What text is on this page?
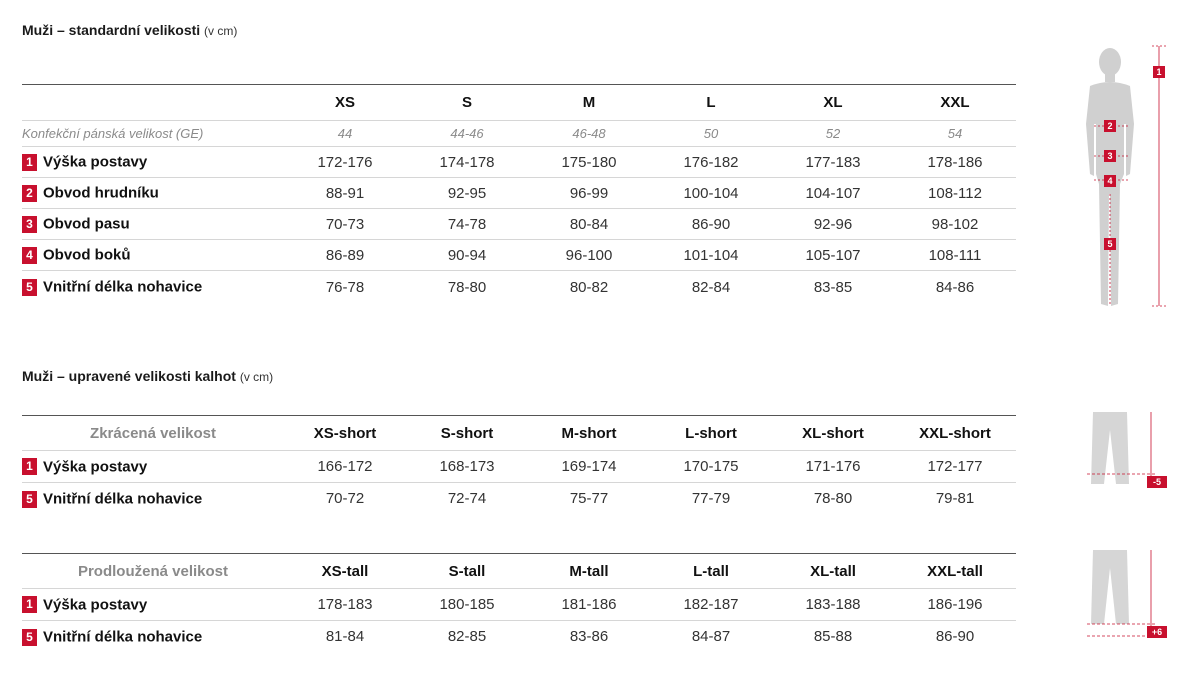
Muži – standardní velikosti (v cm)
	XS	S	M	L	XL	XXL
Konfekční pánská velikost (GE)	44	44-46	46-48	50	52	54
1 Výška postavy	172-176	174-178	175-180	176-182	177-183	178-186
2 Obvod hrudníku	88-91	92-95	96-99	100-104	104-107	108-112
3 Obvod pasu	70-73	74-78	80-84	86-90	92-96	98-102
4 Obvod boků	86-89	90-94	96-100	101-104	105-107	108-111
5 Vnitřní délka nohavice	76-78	78-80	80-82	82-84	83-85	84-86
Muži – upravené velikosti kalhot (v cm)
Zkrácená velikost	XS-short	S-short	M-short	L-short	XL-short	XXL-short
1 Výška postavy	166-172	168-173	169-174	170-175	171-176	172-177
5 Vnitřní délka nohavice	70-72	72-74	75-77	77-79	78-80	79-81
Prodloužená velikost	XS-tall	S-tall	M-tall	L-tall	XL-tall	XXL-tall
1 Výška postavy	178-183	180-185	181-186	182-187	183-188	186-196
5 Vnitřní délka nohavice	81-84	82-85	83-86	84-87	85-88	86-90
1
2
3
4
5
-5
+6
